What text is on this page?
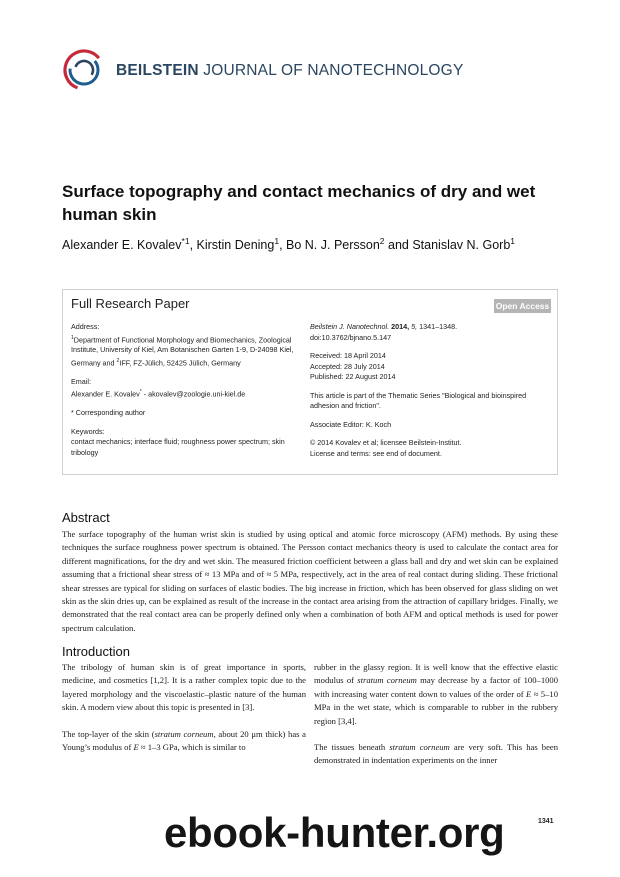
BEILSTEIN JOURNAL OF NANOTECHNOLOGY
Surface topography and contact mechanics of dry and wet human skin
Alexander E. Kovalev$^{*1}$, Kirstin Dening$^1$, Bo N. J. Persson$^2$ and Stanislav N. Gorb$^1$
Full Research Paper	Open Access
Address:
$^1$Department of Functional Morphology and Biomechanics, Zoological Institute, University of Kiel, Am Botanischen Garten 1-9, D-24098 Kiel, Germany and $^2$IFF, FZ-Jülich, 52425 Jülich, Germany
Email:
Alexander E. Kovalev* - akovalev@zoologie.uni-kiel.de
* Corresponding author
Keywords:
contact mechanics; interface fluid; roughness power spectrum; skin tribology
Beilstein J. Nanotechnol. 2014, 5, 1341–1348.
doi:10.3762/bjnano.5.147
Received: 18 April 2014
Accepted: 28 July 2014
Published: 22 August 2014
This article is part of the Thematic Series "Biological and bioinspired adhesion and friction".
Associate Editor: K. Koch
© 2014 Kovalev et al; licensee Beilstein-Institut.
License and terms: see end of document.
Abstract
The surface topography of the human wrist skin is studied by using optical and atomic force microscopy (AFM) methods. By using these techniques the surface roughness power spectrum is obtained. The Persson contact mechanics theory is used to calculate the contact area for different magnifications, for the dry and wet skin. The measured friction coefficient between a glass ball and dry and wet skin can be explained assuming that a frictional shear stress σf ≈ 13 MPa and σf ≈ 5 MPa, respectively, act in the area of real contact during sliding. These frictional shear stresses are typical for sliding on surfaces of elastic bodies. The big increase in friction, which has been observed for glass sliding on wet skin as the skin dries up, can be explained as result of the increase in the contact area arising from the attraction of capillary bridges. Finally, we demonstrated that the real contact area can be properly defined only when a combination of both AFM and optical methods is used for power spectrum calculation.
Introduction

The tribology of human skin is of great importance in sports, medicine, and cosmetics [1,2]. It is a rather complex topic due to the layered morphology and the viscoelastic–plastic nature of the human skin. A modern view about this topic is presented in [3].

The top-layer of the skin (stratum corneum, about 20 μm thick) has a Young’s modulus of E ≈ 1–3 GPa, which is similar to

rubber in the glassy region. It is well know that the effective elastic modulus of stratum corneum may decrease by a factor of 100–1000 with increasing water content down to values of the order of E ≈ 5–10 MPa in the wet state, which is comparable to rubber in the rubbery region [3,4].

The tissues beneath stratum corneum are very soft. This has been demonstrated in indentation experiments on the inner

1341
ebook-hunter.org
